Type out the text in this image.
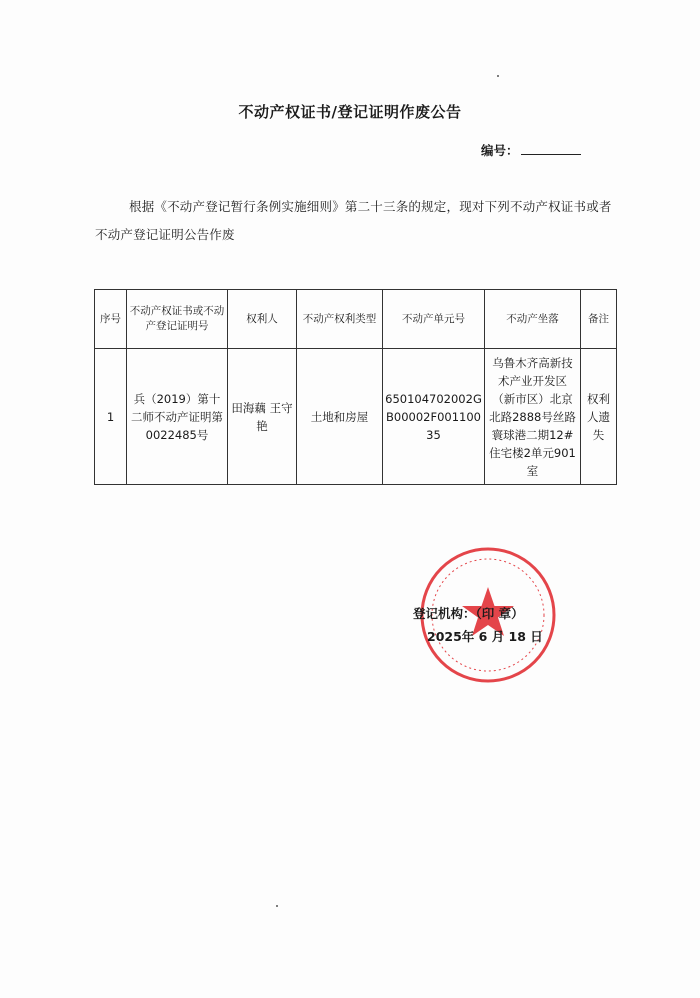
不动产权证书/登记证明作废公告
编号：
根据《不动产登记暂行条例实施细则》第二十三条的规定，现对下列不动产权证书或者不动产登记证明公告作废
序号	不动产权证书或不动产登记证明号	权利人	不动产权利类型	不动产单元号	不动产坐落	备注
1	兵（2019）第十二师不动产证明第0022485号	田海藕 王守艳	土地和房屋	650104702002GB00002F00110035	乌鲁木齐高新技术产业开发区（新市区）北京北路2888号丝路寰球港二期12#住宅楼2单元901室	权利人遗失
登记机构：（印 章）
2025年 6 月 18 日
